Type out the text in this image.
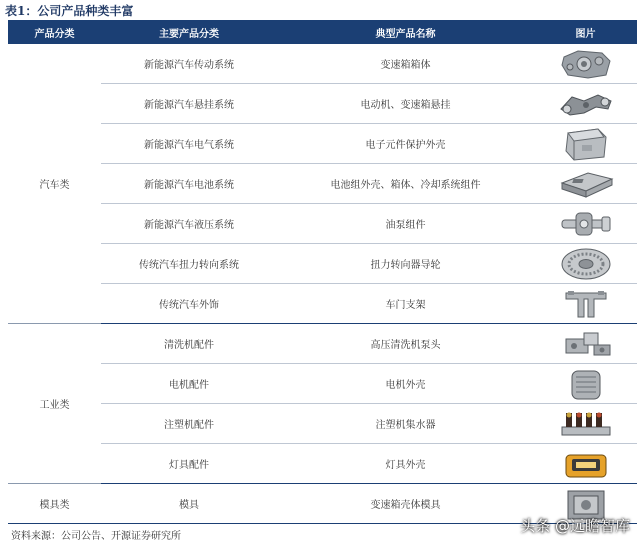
表1：公司产品种类丰富
产品分类	主要产品分类	典型产品名称	图片
汽车类	新能源汽车传动系统	变速箱箱体	
	新能源汽车悬挂系统	电动机、变速箱悬挂	
	新能源汽车电气系统	电子元件保护外壳	
	新能源汽车电池系统	电池组外壳、箱体、冷却系统组件	
	新能源汽车液压系统	油泵组件	
	传统汽车扭力转向系统	扭力转向器导轮	
	传统汽车外饰	车门支架	
工业类	清洗机配件	高压清洗机泵头	
	电机配件	电机外壳	
	注塑机配件	注塑机集水器	
	灯具配件	灯具外壳	
模具类	模具	变速箱壳体模具	
资料来源：公司公告、开源证券研究所
头条 @远瞻智库
